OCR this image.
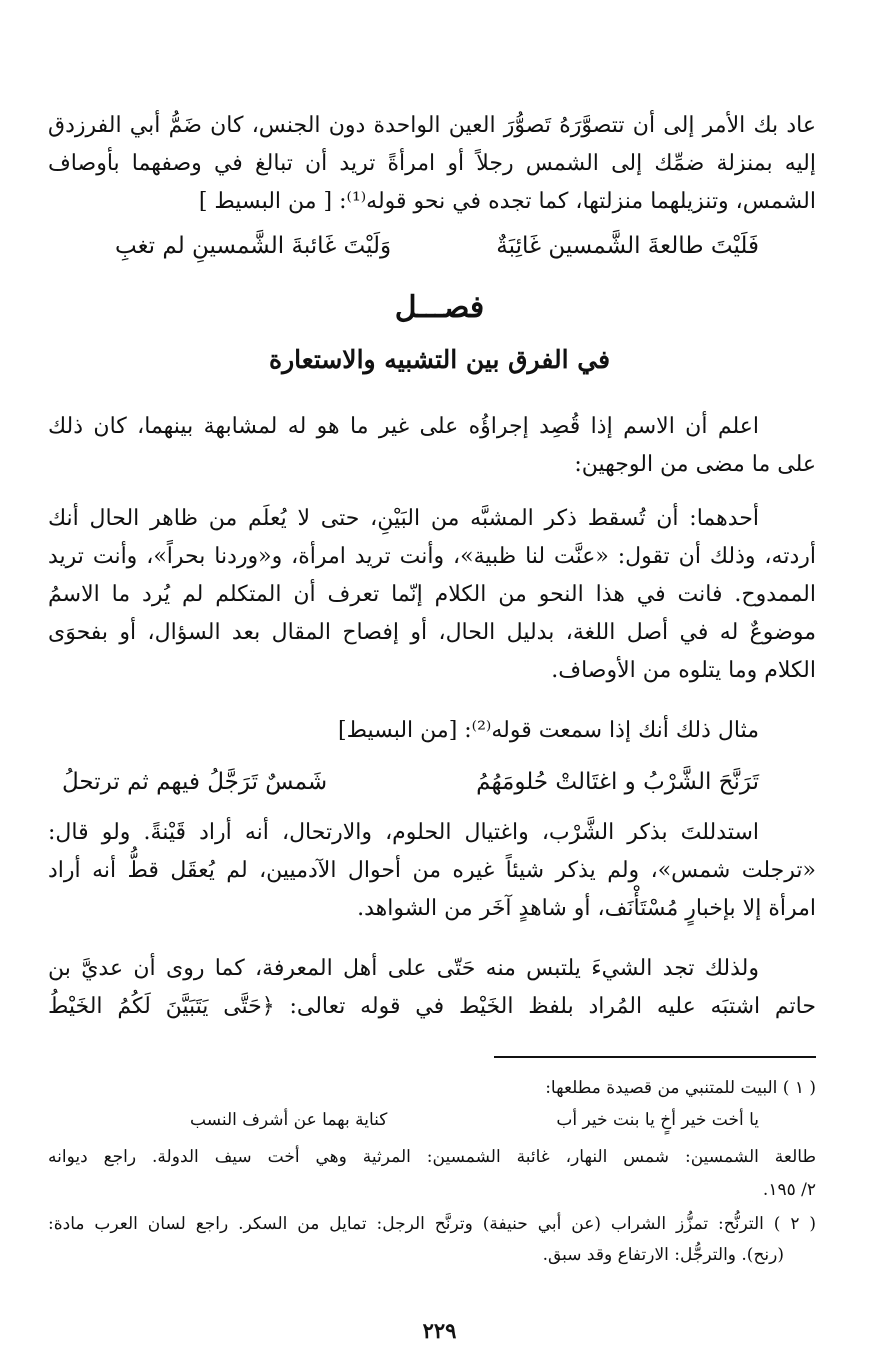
عاد بك الأمر إلى أن تتصوَّرَهُ تَصوُّرَ العين الواحدة دون الجنس، كان ضَمُّ أبي الفرزدق
إليه بمنزلة ضمِّك إلى الشمس رجلاً أو امرأةً تريد أن تبالغ في وصفهما بأوصاف
الشمس، وتنزيلهما منزلتها، كما تجده في نحو قوله⁽¹⁾: [ من البسيط ]
فَلَيْتَ طالعةَ الشَّمسين غَائِبَةٌ
وَلَيْتَ غَائبةَ الشَّمسينِ لم تغبِ
فصـــل
في الفرق بين التشبيه والاستعارة
اعلم أن الاسم إذا قُصِد إجراؤُه على غير ما هو له لمشابهة بينهما، كان ذلك
على ما مضى من الوجهين:
أحدهما: أن تُسقط ذكر المشبَّه من البَيْنِ، حتى لا يُعلَم من ظاهر الحال أنك
أردته، وذلك أن تقول: «عنَّت لنا ظبية»، وأنت تريد امرأة، و«وردنا بحراً»، وأنت تريد
الممدوح. فانت في هذا النحو من الكلام إنّما تعرف أن المتكلم لم يُرد ما الاسمُ
موضوعٌ له في أصل اللغة، بدليل الحال، أو إفصاح المقال بعد السؤال، أو بفحوَى
الكلام وما يتلوه من الأوصاف.
مثال ذلك أنك إذا سمعت قوله⁽²⁾: [من البسيط]
تَرَنَّحَ الشَّرْبُ و اغتَالتْ حُلومَهُمُ
شَمسٌ تَرَجَّلُ فيهم ثم ترتحلُ
استدللتَ بذكر الشَّرْب، واغتيال الحلوم، والارتحال، أنه أراد قَيْنةً. ولو قال:
«ترجلت شمس»، ولم يذكر شيئاً غيره من أحوال الآدميين، لم يُعقَل قطُّ أنه أراد
امرأة إلا بإخبارٍ مُسْتَأْنَف، أو شاهدٍ آخَر من الشواهد.
ولذلك تجد الشيءَ يلتبس منه حَتّى على أهل المعرفة، كما روى أن عديَّ بن
حاتم اشتبَه عليه المُراد بلفظ الخَيْط في قوله تعالى: ﴿حَتَّى يَتَبَيَّنَ لَكُمُ الخَيْطُ
( ١ ) البيت للمتنبي من قصيدة مطلعها:
يا أخت خير أخٍ يا بنت خير أب
كناية بهما عن أشرف النسب
طالعة الشمسين: شمس النهار، غائبة الشمسين: المرثية وهي أخت سيف الدولة. راجع ديوانه
٢/ ١٩٥.
( ٢ ) الترنُّح: تمزُّز الشراب (عن أبي حنيفة) وترنَّح الرجل: تمايل من السكر. راجع لسان العرب مادة:
(رنح). والترجُّل: الارتفاع وقد سبق.
٢٢٩
